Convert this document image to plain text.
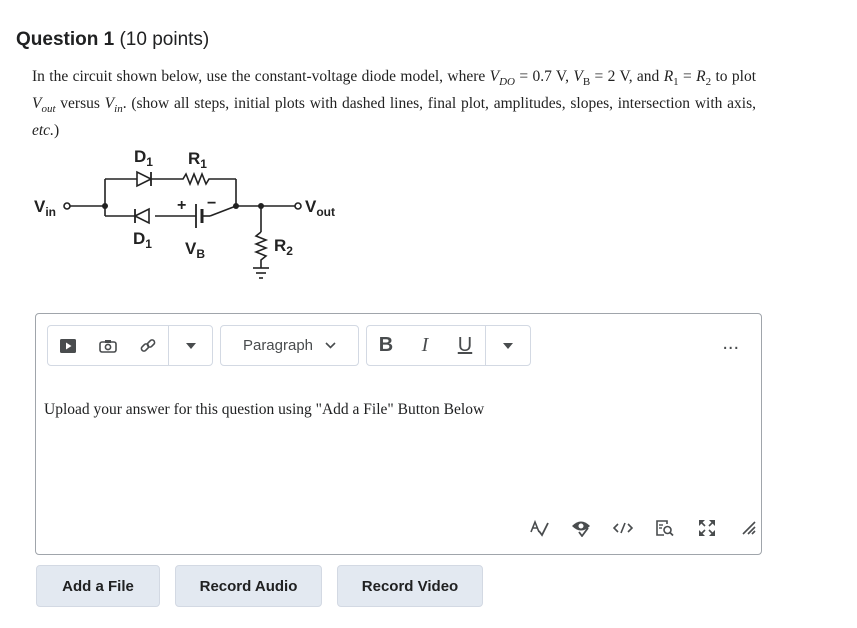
Question 1 (10 points)
In the circuit shown below, use the constant-voltage diode model, where $V_{DO} = 0.7$ V, $V_B = 2$ V, and $R_1 = R_2$ to plot $V_{out}$ versus $V_{in}$. (show all steps, initial plots with dashed lines, final plot, amplitudes, slopes, intersection with axis, etc.)
$D_1$ $R_1$
$V_{in}$	$V_{out}$
+ −
$D_1$ $V_B$	$R_2$
Paragraph	B	I	U	...
Upload your answer for this question using "Add a File" Button Below
Add a File	Record Audio	Record Video
